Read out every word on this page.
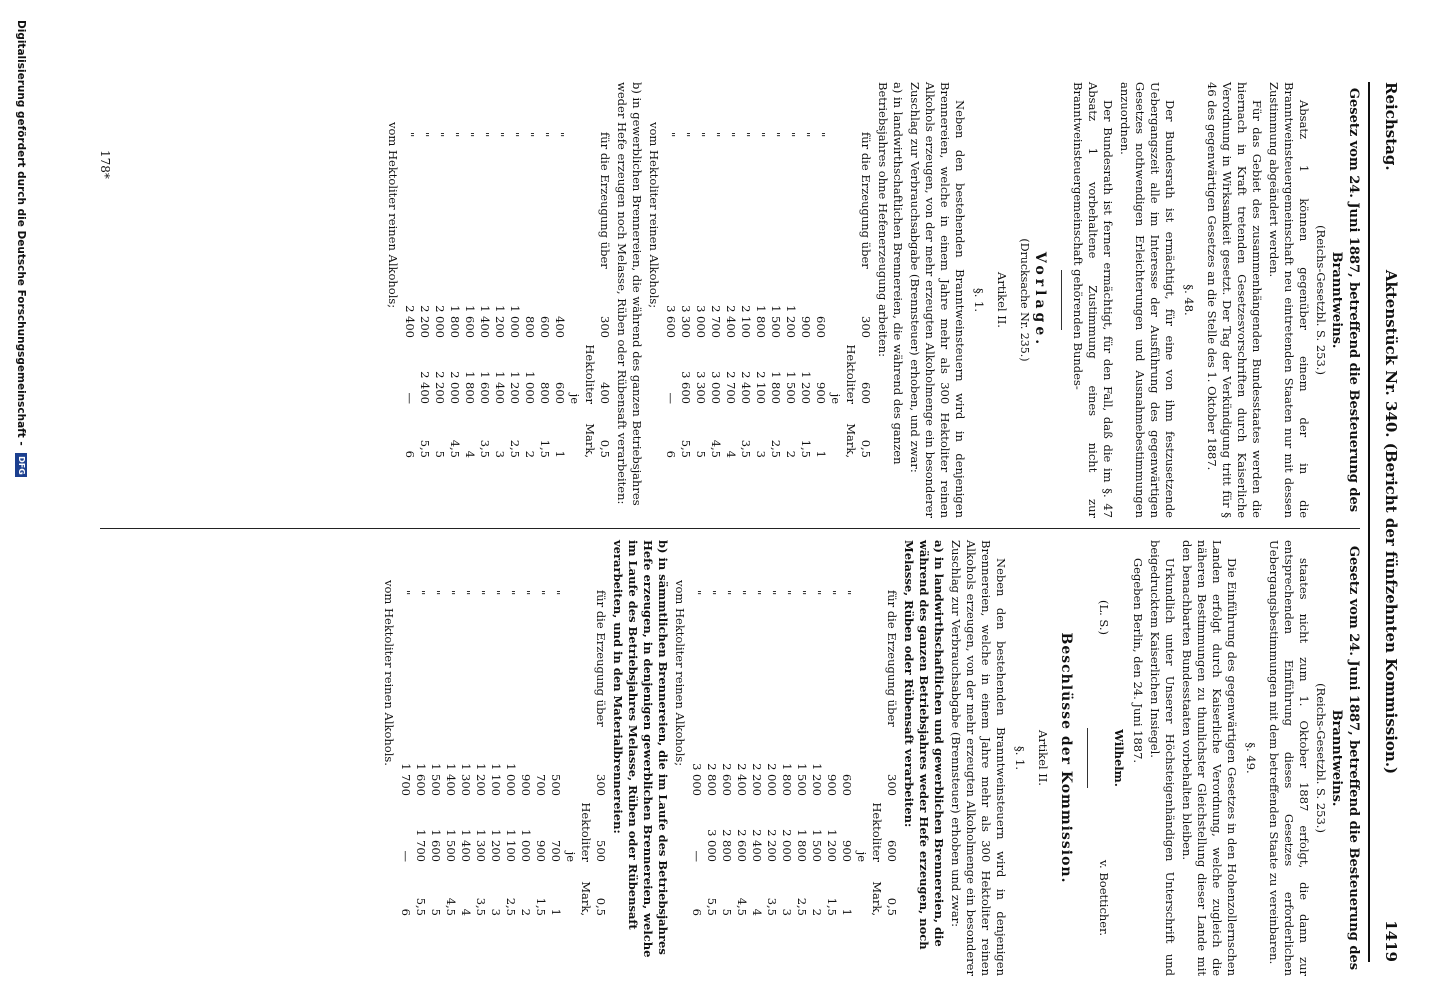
Reichstag.
Aktenstück Nr. 340. (Bericht der fünfzehnten Kommission.)
1419
Gesetz vom 24. Juni 1887, betreffend die Besteuerung des Branntweins.
(Reichs-Gesetzbl. S. 253.)

Absatz 1 können gegenüber einem der in die Branntweinsteuergemeinschaft neu eintretenden Staaten nur mit dessen Zustimmung abgeändert werden.

Für das Gebiet des zusammenhängenden Bundesstaates werden die hiernach in Kraft tretenden Gesetzesvorschriften durch Kaiserliche Verordnung in Wirksamkeit gesetzt. Der Tag der Verkündigung tritt für § 46 des gegenwärtigen Gesetzes an die Stelle des 1. Oktober 1887.

§. 48.

Der Bundesrath ist ermächtigt, für eine von ihm festzusetzende Uebergangszeit alle im Interesse der Ausführung des gegenwärtigen Gesetzes nothwendigen Erleichterungen und Ausnahmebestimmungen anzuordnen.

Der Bundesrath ist ferner ermächtigt, für den Fall, daß die im §. 47 Absatz 1 vorbehaltene Zustimmung eines nicht zur Branntweinsteuergemeinschaft gehörenden Bundes-

Vorlage.
(Drucksache Nr. 235.)
Artikel II.
§. 1.

Neben den bestehenden Branntweinsteuern wird in denjenigen Brennereien, welche in einem Jahre mehr als 300 Hektoliter reinen Alkohols erzeugen, von der mehr erzeugten Alkoholmenge ein besonderer Zuschlag zur Verbrauchsabgabe (Brennsteuer) erhoben, und zwar:

a) in landwirthschaftlichen Brennereien, die während des ganzen Betriebsjahres ohne Hefenerzeugung arbeiten:

für die Erzeugung über
300
600 Hektoliter je
0,5 Mark,
"
600
900
1
"
900
1 200
1,5
"
1 200
1 500
2
"
1 500
1 800
2,5
"
1 800
2 100
3
"
2 100
2 400
3,5
"
2 400
2 700
4
"
2 700
3 000
4,5
"
3 000
3 300
5
"
3 300
3 600
5,5
"
3 600
—
6

vom Hektoliter reinen Alkohols;

b) in gewerblichen Brennereien, die während des ganzen Betriebsjahres weder Hefe erzeugen noch Melasse, Rüben oder Rübensaft verarbeiten:

für die Erzeugung über
300
400 Hektoliter je
0,5 Mark,
"
400
600
1
"
600
800
1,5
"
800
1 000
2
"
1 000
1 200
2,5
"
1 200
1 400
3
"
1 400
1 600
3,5
"
1 600
1 800
4
"
1 800
2 000
4,5
"
2 000
2 200
5
"
2 200
2 400
5,5
"
2 400
—
6

vom Hektoliter reinen Alkohols;

Gesetz vom 24. Juni 1887, betreffend die Besteuerung des Branntweins.
(Reichs-Gesetzbl. S. 253.)

staates nicht zum 1. Oktober 1887 erfolgt, die dann zur entsprechenden Einführung dieses Gesetzes erforderlichen Uebergangsbestimmungen mit dem betreffenden Staate zu vereinbaren.

§. 49.

Die Einführung des gegenwärtigen Gesetzes in den Hohenzollernschen Landen erfolgt durch Kaiserliche Verordnung, welche zugleich die näheren Bestimmungen zu thunlichster Gleichstellung dieser Lande mit den benachbarten Bundesstaaten vorbehalten bleiben.

Urkundlich unter Unserer Höchsteigenhändigen Unterschrift und beigedrucktem Kaiserlichen Insiegel.

Gegeben Berlin, den 24. Juni 1887.

Wilhelm.
(L. S.)
v. Boetticher.
Beschlüsse der Kommission.
Artikel II.
§. 1.

Neben den bestehenden Branntweinsteuern wird in denjenigen Brennereien, welche in einem Jahre mehr als 300 Hektoliter reinen Alkohols erzeugen, von der mehr erzeugten Alkoholmenge ein besonderer Zuschlag zur Verbrauchsabgabe (Brennsteuer) erhoben und zwar:

a) in landwirthschaftlichen und gewerblichen Brennereien, die während des ganzen Betriebsjahres weder Hefe erzeugen, noch Melasse, Rüben oder Rübensaft verarbeiten:

für die Erzeugung über
300
600 Hektoliter je
0,5 Mark,
"
600
900
1
"
900
1 200
1,5
"
1 200
1 500
2
"
1 500
1 800
2,5
"
1 800
2 000
3
"
2 000
2 200
3,5
"
2 200
2 400
4
"
2 400
2 600
4,5
"
2 600
2 800
5
"
2 800
3 000
5,5
"
3 000
—
6

vom Hektoliter reinen Alkohols;

b) in sämmtlichen Brennereien, die im Laufe des Betriebsjahres Hefe erzeugen, in denjenigen gewerblichen Brennereien, welche im Laufe des Betriebsjahres Melasse, Rüben oder Rübensaft verarbeiten, und in den Materialbrennereien:

für die Erzeugung über
300
500 Hektoliter je
0,5 Mark,
"
500
700
1
"
700
900
1,5
"
900
1 000
2
"
1 000
1 100
2,5
"
1 100
1 200
3
"
1 200
1 300
3,5
"
1 300
1 400
4
"
1 400
1 500
4,5
"
1 500
1 600
5
"
1 600
1 700
5,5
"
1 700
—
6

vom Hektoliter reinen Alkohols.

178*
Digitalisierung gefördert durch die Deutsche Forschungsgemeinschaft - DFG
